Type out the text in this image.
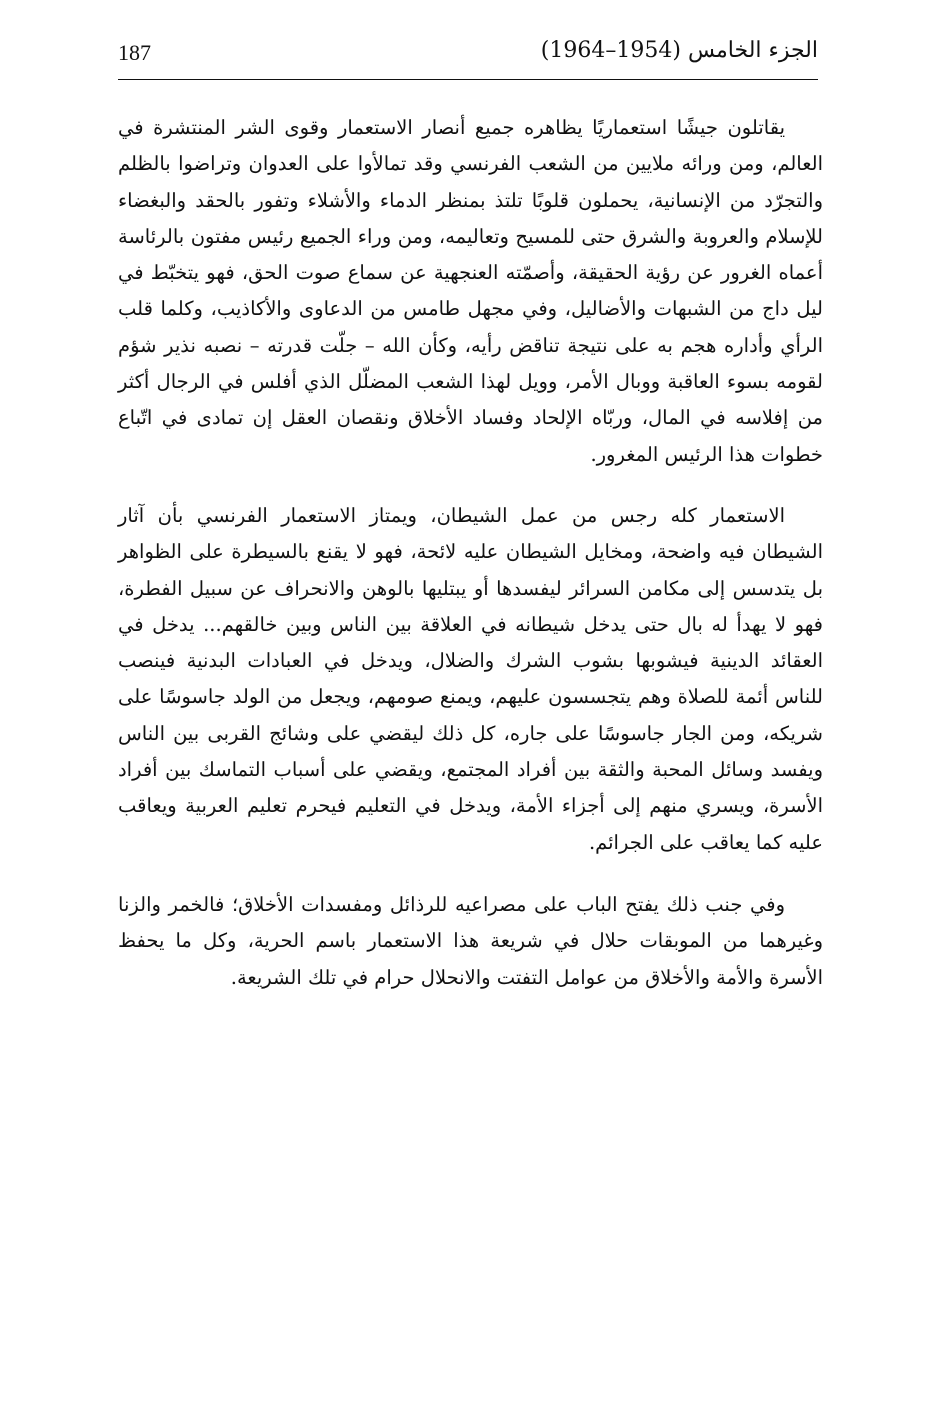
187	الجزء الخامس (1954–1964)

يقاتلون جيشًا استعماريًا يظاهره جميع أنصار الاستعمار وقوى الشر المنتشرة في العالم، ومن ورائه ملايين من الشعب الفرنسي وقد تمالأوا على العدوان وتراضوا بالظلم والتجرّد من الإنسانية، يحملون قلوبًا تلتذ بمنظر الدماء والأشلاء وتفور بالحقد والبغضاء للإسلام والعروبة والشرق حتى للمسيح وتعاليمه، ومن وراء الجميع رئيس مفتون بالرئاسة أعماه الغرور عن رؤية الحقيقة، وأصمّته العنجهية عن سماع صوت الحق، فهو يتخبّط في ليل داج من الشبهات والأضاليل، وفي مجهل طامس من الدعاوى والأكاذيب، وكلما قلب الرأي وأداره هجم به على نتيجة تناقض رأيه، وكأن الله – جلّت قدرته – نصبه نذير شؤم لقومه بسوء العاقبة ووبال الأمر، وويل لهذا الشعب المضلّل الذي أفلس في الرجال أكثر من إفلاسه في المال، وربّاه الإلحاد وفساد الأخلاق ونقصان العقل إن تمادى في اتّباع خطوات هذا الرئيس المغرور.

الاستعمار كله رجس من عمل الشيطان، ويمتاز الاستعمار الفرنسي بأن آثار الشيطان فيه واضحة، ومخايل الشيطان عليه لائحة، فهو لا يقنع بالسيطرة على الظواهر بل يتدسس إلى مكامن السرائر ليفسدها أو يبتليها بالوهن والانحراف عن سبيل الفطرة، فهو لا يهدأ له بال حتى يدخل شيطانه في العلاقة بين الناس وبين خالقهم... يدخل في العقائد الدينية فيشوبها بشوب الشرك والضلال، ويدخل في العبادات البدنية فينصب للناس أئمة للصلاة وهم يتجسسون عليهم، ويمنع صومهم، ويجعل من الولد جاسوسًا على شريكه، ومن الجار جاسوسًا على جاره، كل ذلك ليقضي على وشائج القربى بين الناس ويفسد وسائل المحبة والثقة بين أفراد المجتمع، ويقضي على أسباب التماسك بين أفراد الأسرة، ويسري منهم إلى أجزاء الأمة، ويدخل في التعليم فيحرم تعليم العربية ويعاقب عليه كما يعاقب على الجرائم.

وفي جنب ذلك يفتح الباب على مصراعيه للرذائل ومفسدات الأخلاق؛ فالخمر والزنا وغيرهما من الموبقات حلال في شريعة هذا الاستعمار باسم الحرية، وكل ما يحفظ الأسرة والأمة والأخلاق من عوامل التفتت والانحلال حرام في تلك الشريعة.
